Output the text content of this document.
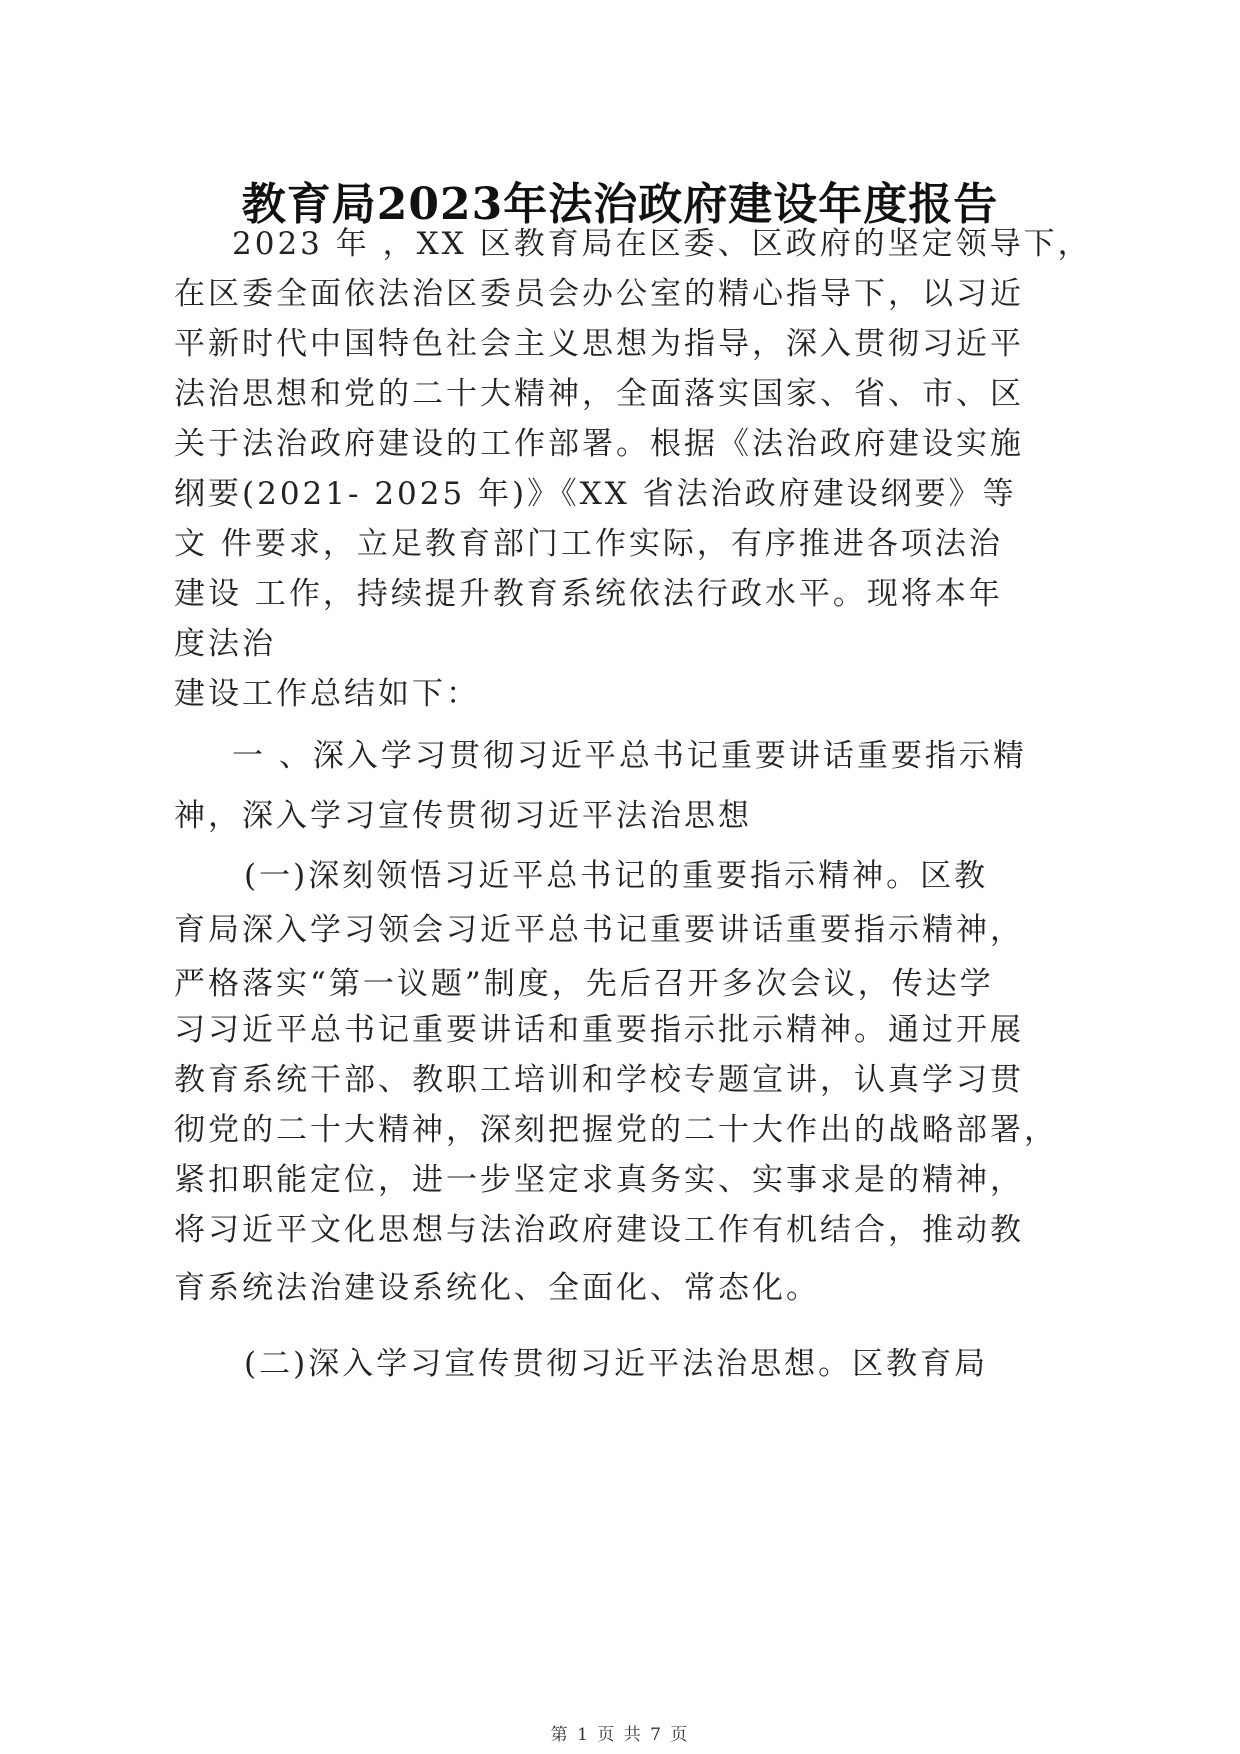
教育局2023年法治政府建设年度报告
2023 年 ，XX 区教育局在区委、区政府的坚定领导下，
在区委全面依法治区委员会办公室的精心指导下，以习近
平新时代中国特色社会主义思想为指导，深入贯彻习近平
法治思想和党的二十大精神，全面落实国家、省、市、区
关于法治政府建设的工作部署。根据《法治政府建设实施
纲要(2021- 2025 年)》《XX 省法治政府建设纲要》等
文 件要求，立足教育部门工作实际，有序推进各项法治
建设 工作，持续提升教育系统依法行政水平。现将本年
度法治
建设工作总结如下：
一 、深入学习贯彻习近平总书记重要讲话重要指示精
神，深入学习宣传贯彻习近平法治思想
(一)深刻领悟习近平总书记的重要指示精神。区教
育局深入学习领会习近平总书记重要讲话重要指示精神，
严格落实“第一议题”制度，先后召开多次会议，传达学
习习近平总书记重要讲话和重要指示批示精神。通过开展
教育系统干部、教职工培训和学校专题宣讲，认真学习贯
彻党的二十大精神，深刻把握党的二十大作出的战略部署，
紧扣职能定位，进一步坚定求真务实、实事求是的精神，
将习近平文化思想与法治政府建设工作有机结合，推动教
育系统法治建设系统化、全面化、常态化。
(二)深入学习宣传贯彻习近平法治思想。区教育局
第 1 页 共 7 页
